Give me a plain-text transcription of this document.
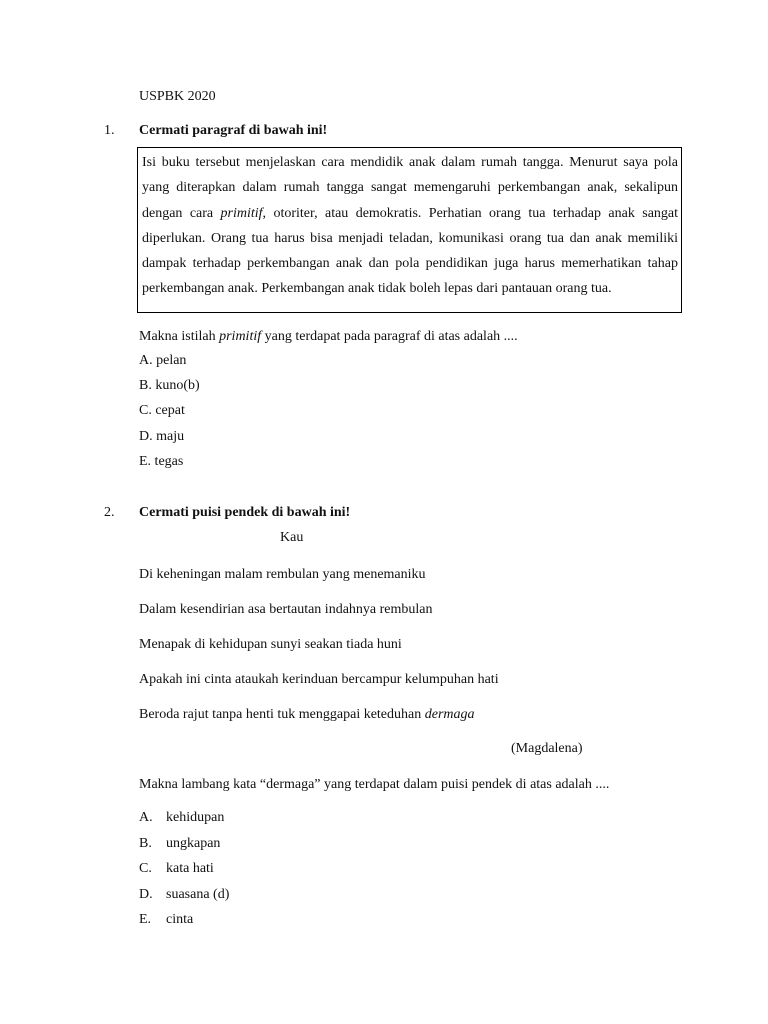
USPBK 2020
1. Cermati paragraf di bawah ini!

Isi buku tersebut menjelaskan cara mendidik anak dalam rumah tangga. Menurut saya pola yang diterapkan dalam rumah tangga sangat memengaruhi perkembangan anak, sekalipun dengan cara primitif, otoriter, atau demokratis. Perhatian orang tua terhadap anak sangat diperlukan. Orang tua harus bisa menjadi teladan, komunikasi orang tua dan anak memiliki dampak terhadap perkembangan anak dan pola pendidikan juga harus memerhatikan tahap perkembangan anak. Perkembangan anak tidak boleh lepas dari pantauan orang tua.

Makna istilah primitif yang terdapat pada paragraf di atas adalah ....
A. pelan
B. kuno(b)
C. cepat
D. maju
E. tegas
2. Cermati puisi pendek di bawah ini!
Kau
Di keheningan malam rembulan yang menemaniku
Dalam kesendirian asa bertautan indahnya rembulan
Menapak di kehidupan sunyi seakan tiada huni
Apakah ini cinta ataukah kerinduan bercampur kelumpuhan hati
Beroda rajut tanpa henti tuk menggapai keteduhan dermaga
(Magdalena)
Makna lambang kata “dermaga” yang terdapat dalam puisi pendek di atas adalah ....
A. kehidupan
B. ungkapan
C. kata hati
D. suasana (d)
E. cinta
